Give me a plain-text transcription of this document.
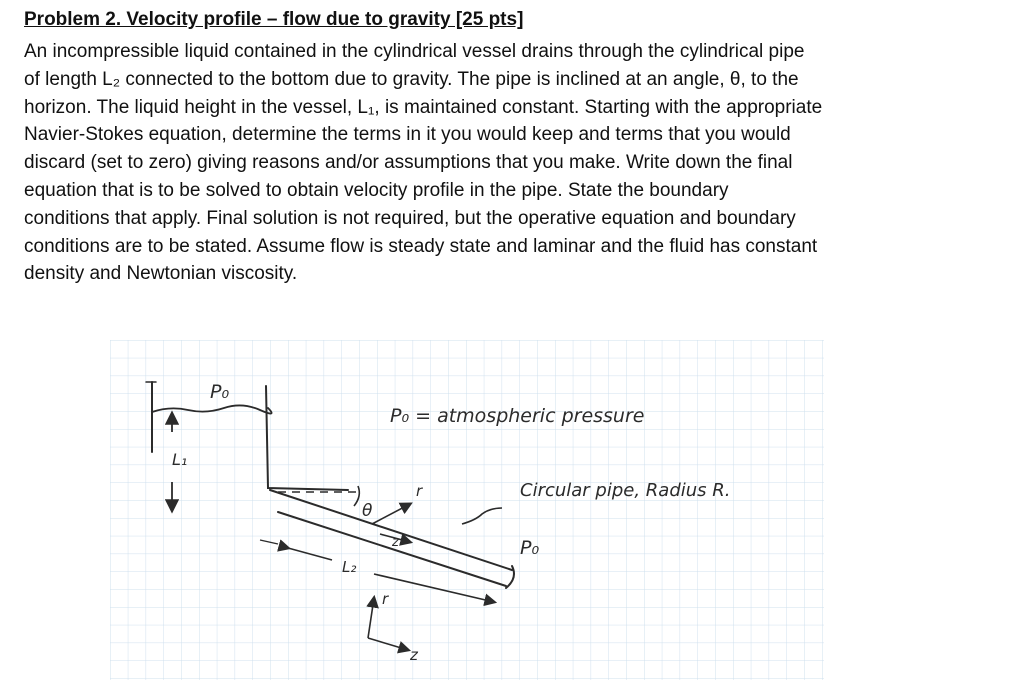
Problem 2. Velocity profile – flow due to gravity [25 pts]
An incompressible liquid contained in the cylindrical vessel drains through the cylindrical pipe
of length L₂ connected to the bottom due to gravity. The pipe is inclined at an angle, θ, to the
horizon. The liquid height in the vessel, L₁, is maintained constant. Starting with the appropriate
Navier-Stokes equation, determine the terms in it you would keep and terms that you would
discard (set to zero) giving reasons and/or assumptions that you make. Write down the final
equation that is to be solved to obtain velocity profile in the pipe. State the boundary
conditions that apply. Final solution is not required, but the operative equation and boundary
conditions are to be stated. Assume flow is steady state and laminar and the fluid has constant
density and Newtonian viscosity.
L₁
P₀
θ
r
z
L₂
P₀ = atmospheric pressure
Circular pipe, Radius R.
P₀
r
z
